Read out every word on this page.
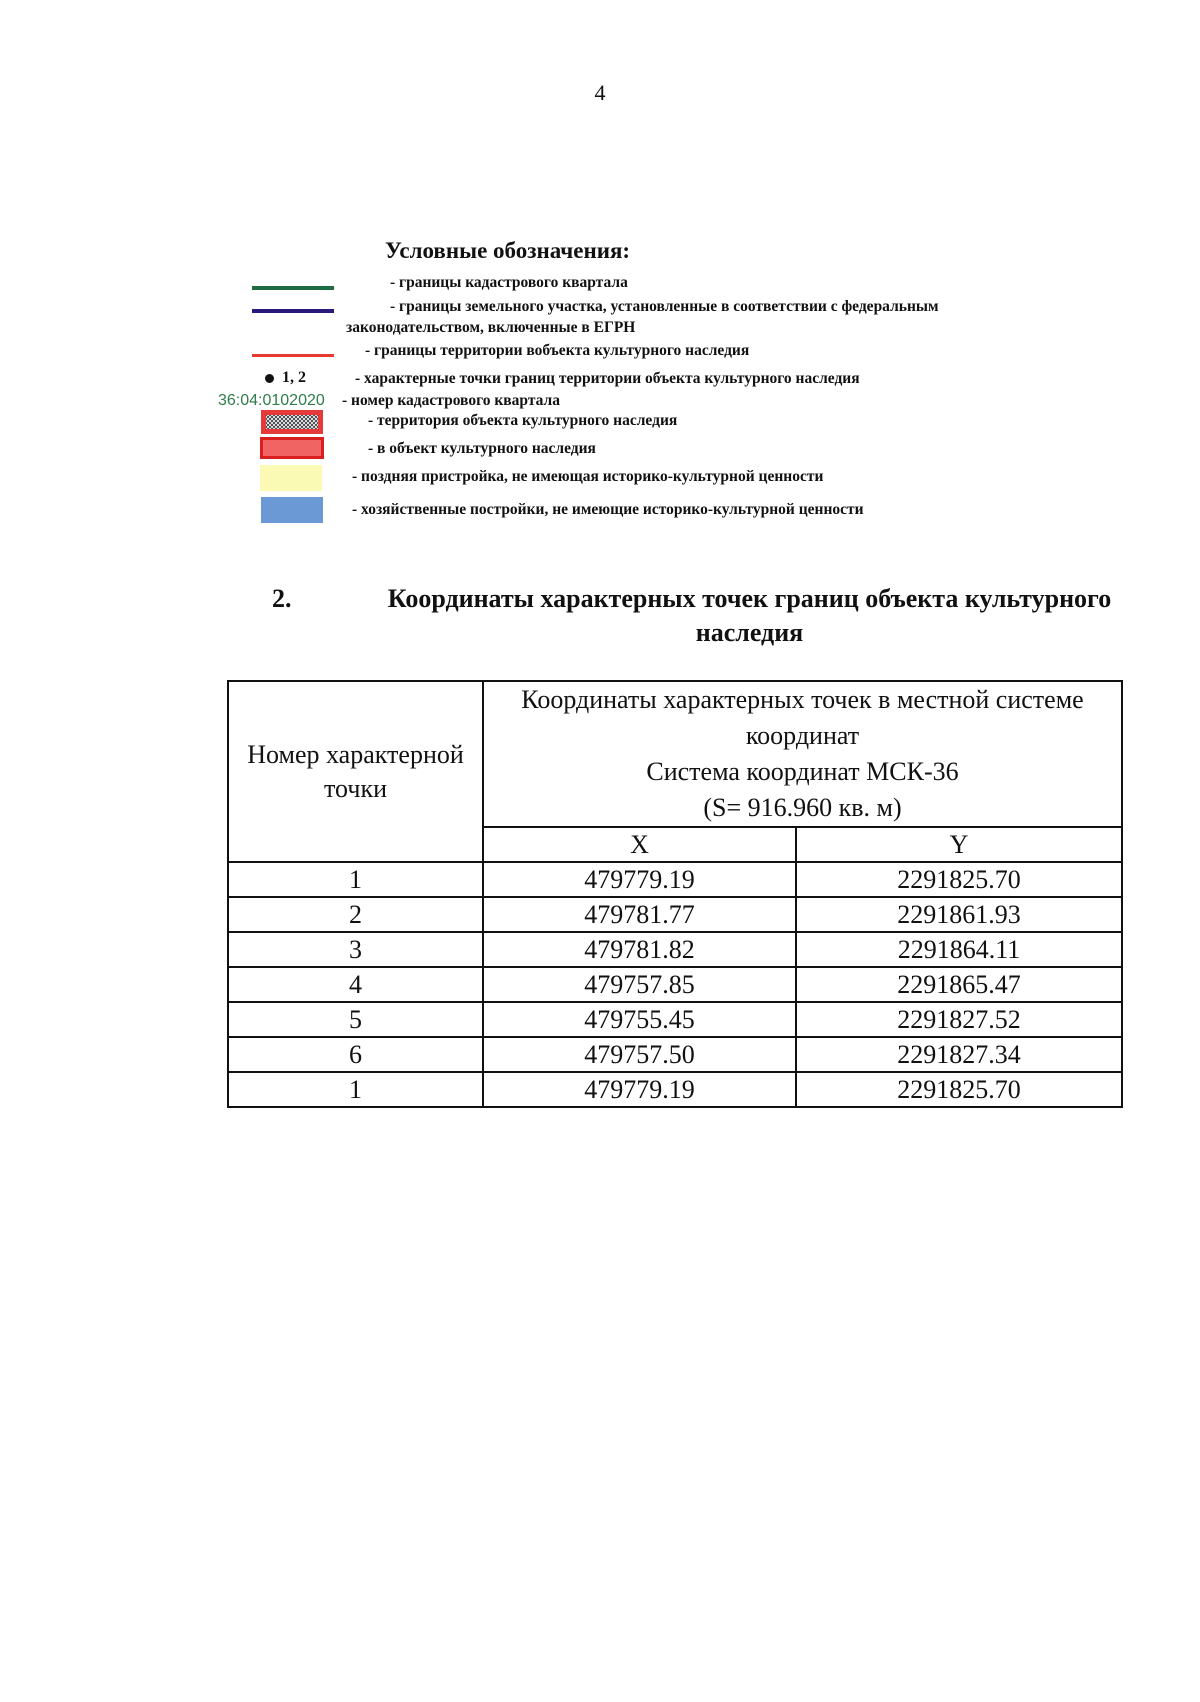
4
Условные обозначения:
- границы кадастрового квартала
- границы земельного участка, установленные в соответствии с федеральным
законодательством, включенные в ЕГРН
- границы территории вобъекта культурного наследия
1, 2	- характерные точки границ территории объекта культурного наследия
36:04:0102020 - номер кадастрового квартала
- территория объекта культурного наследия
- в объект культурного наследия
- поздняя пристройка, не имеющая историко-культурной ценности
- хозяйственные постройки, не имеющие историко-культурной ценности
2.	Координаты характерных точек границ объекта культурного наследия
Номер характерной точки	Координаты характерных точек в местной системе координат
Система координат МСК-36
(S= 916.960 кв. м)	

	X	Y
1	479779.19	2291825.70
2	479781.77	2291861.93
3	479781.82	2291864.11
4	479757.85	2291865.47
5	479755.45	2291827.52
6	479757.50	2291827.34
1	479779.19	2291825.70
